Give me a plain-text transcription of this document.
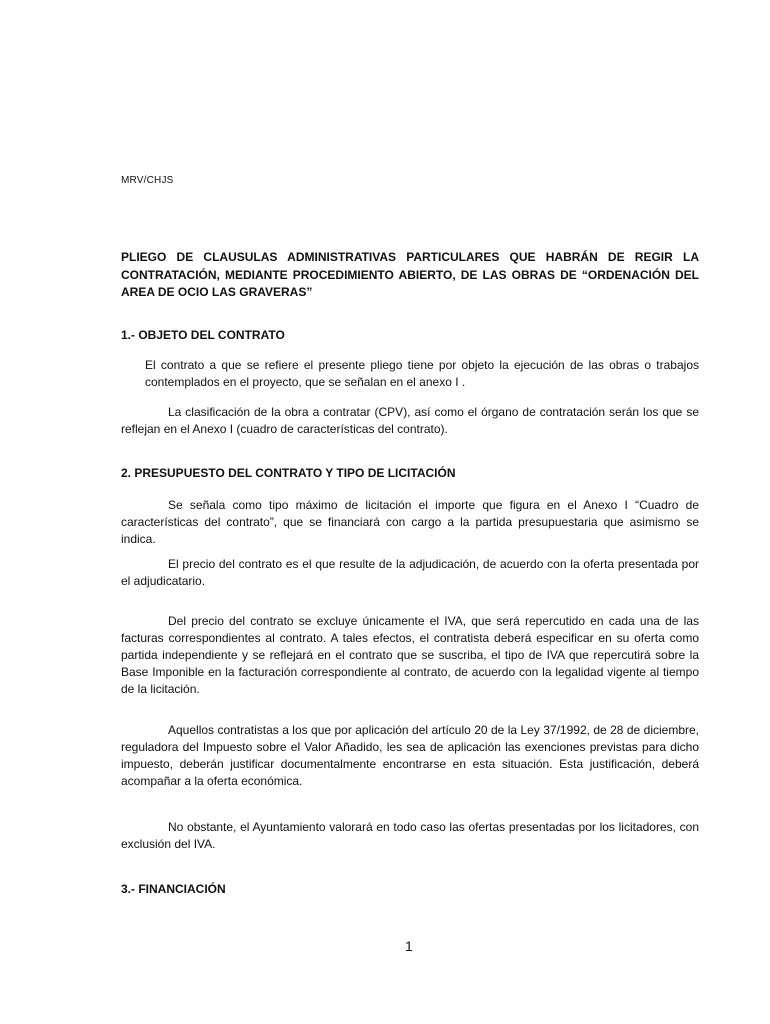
MRV/CHJS
PLIEGO DE CLAUSULAS ADMINISTRATIVAS PARTICULARES QUE HABRÁN DE REGIR LA CONTRATACIÓN, MEDIANTE PROCEDIMIENTO ABIERTO, DE LAS OBRAS DE “ORDENACIÓN DEL AREA DE OCIO LAS GRAVERAS”
1.- OBJETO DEL CONTRATO
El contrato a que se refiere el presente pliego tiene por objeto la ejecución de las obras o trabajos contemplados en el proyecto, que se señalan en el anexo I .
La clasificación de la obra a contratar (CPV), así como el órgano de contratación serán los que se reflejan en el Anexo I (cuadro de características del contrato).
2. PRESUPUESTO DEL CONTRATO Y TIPO DE LICITACIÓN
Se señala como tipo máximo de licitación el importe que figura en el Anexo I “Cuadro de características del contrato”, que se financiará con cargo a la partida presupuestaria que asimismo se indica.
El precio del contrato es el que resulte de la adjudicación, de acuerdo con la oferta presentada por el adjudicatario.
Del precio del contrato se excluye únicamente el IVA, que será repercutido en cada una de las facturas correspondientes al contrato. A tales efectos, el contratista deberá especificar en su oferta como partida independiente y se reflejará en el contrato que se suscriba, el tipo de IVA que repercutirá sobre la Base Imponible en la facturación correspondiente al contrato, de acuerdo con la legalidad vigente al tiempo de la licitación.
Aquellos contratistas a los que por aplicación del artículo 20 de la Ley 37/1992, de 28 de diciembre, reguladora del Impuesto sobre el Valor Añadido, les sea de aplicación las exenciones previstas para dicho impuesto, deberán justificar documentalmente encontrarse en esta situación. Esta justificación, deberá acompañar a la oferta económica.
No obstante, el Ayuntamiento valorará en todo caso las ofertas presentadas por los licitadores, con exclusión del IVA.
3.- FINANCIACIÓN
1
